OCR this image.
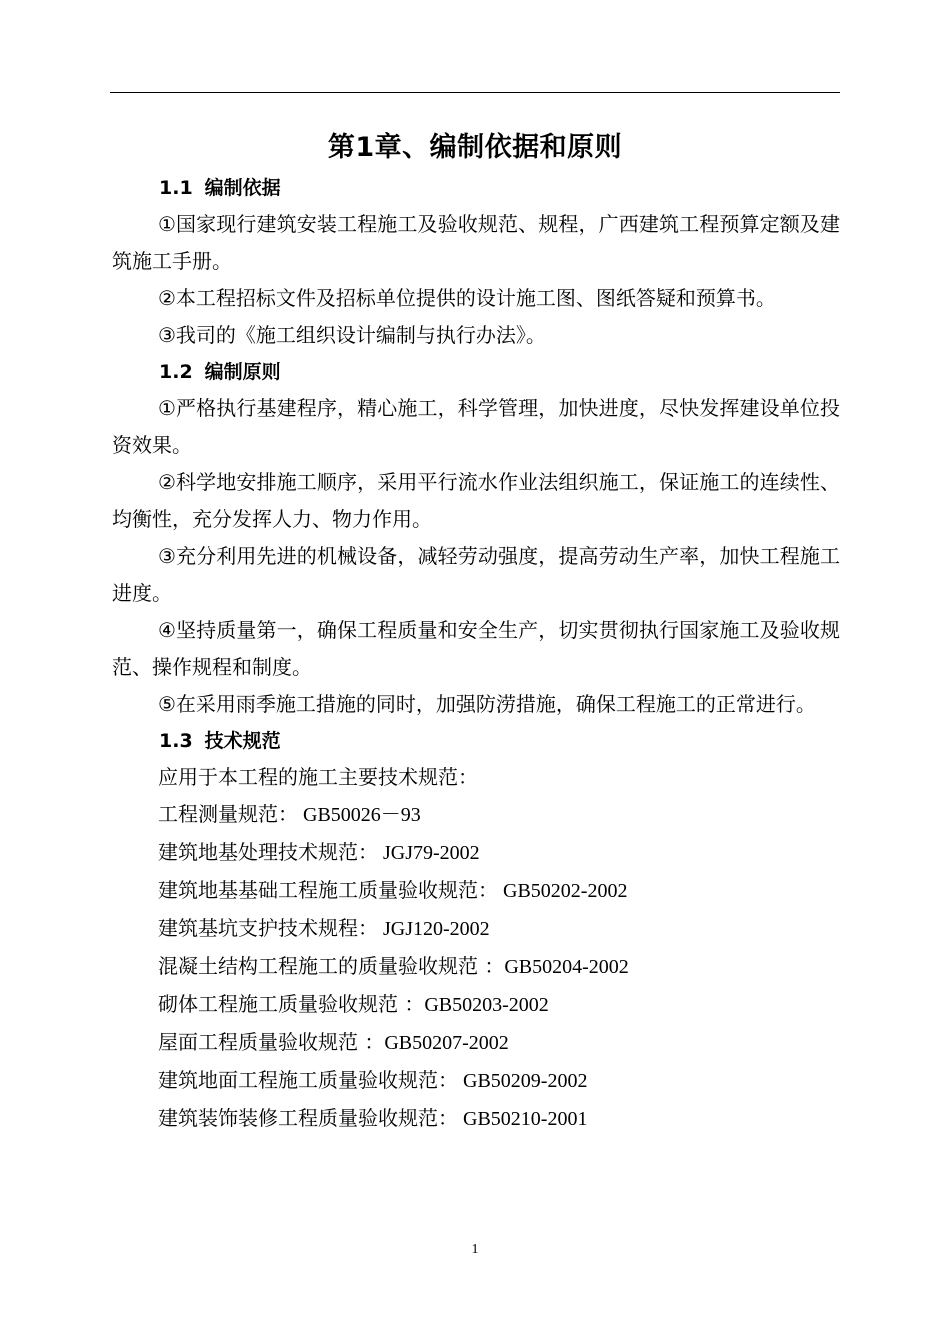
第1章、编制依据和原则
1.1 编制依据

①国家现行建筑安装工程施工及验收规范、规程，广西建筑工程预算定额及建筑施工手册。

②本工程招标文件及招标单位提供的设计施工图、图纸答疑和预算书。

③我司的《施工组织设计编制与执行办法》。

1.2 编制原则

①严格执行基建程序，精心施工，科学管理，加快进度，尽快发挥建设单位投资效果。

②科学地安排施工顺序，采用平行流水作业法组织施工，保证施工的连续性、均衡性，充分发挥人力、物力作用。

③充分利用先进的机械设备，减轻劳动强度，提高劳动生产率，加快工程施工进度。

④坚持质量第一，确保工程质量和安全生产，切实贯彻执行国家施工及验收规范、操作规程和制度。

⑤在采用雨季施工措施的同时，加强防涝措施，确保工程施工的正常进行。

1.3 技术规范
应用于本工程的施工主要技术规范：
工程测量规范： GB50026－93
建筑地基处理技术规范： JGJ79-2002
建筑地基基础工程施工质量验收规范： GB50202-2002
建筑基坑支护技术规程： JGJ120-2002
混凝土结构工程施工的质量验收规范 ：GB50204-2002
砌体工程施工质量验收规范 ：GB50203-2002
屋面工程质量验收规范 ：GB50207-2002
建筑地面工程施工质量验收规范： GB50209-2002
建筑装饰装修工程质量验收规范： GB50210-2001
1
